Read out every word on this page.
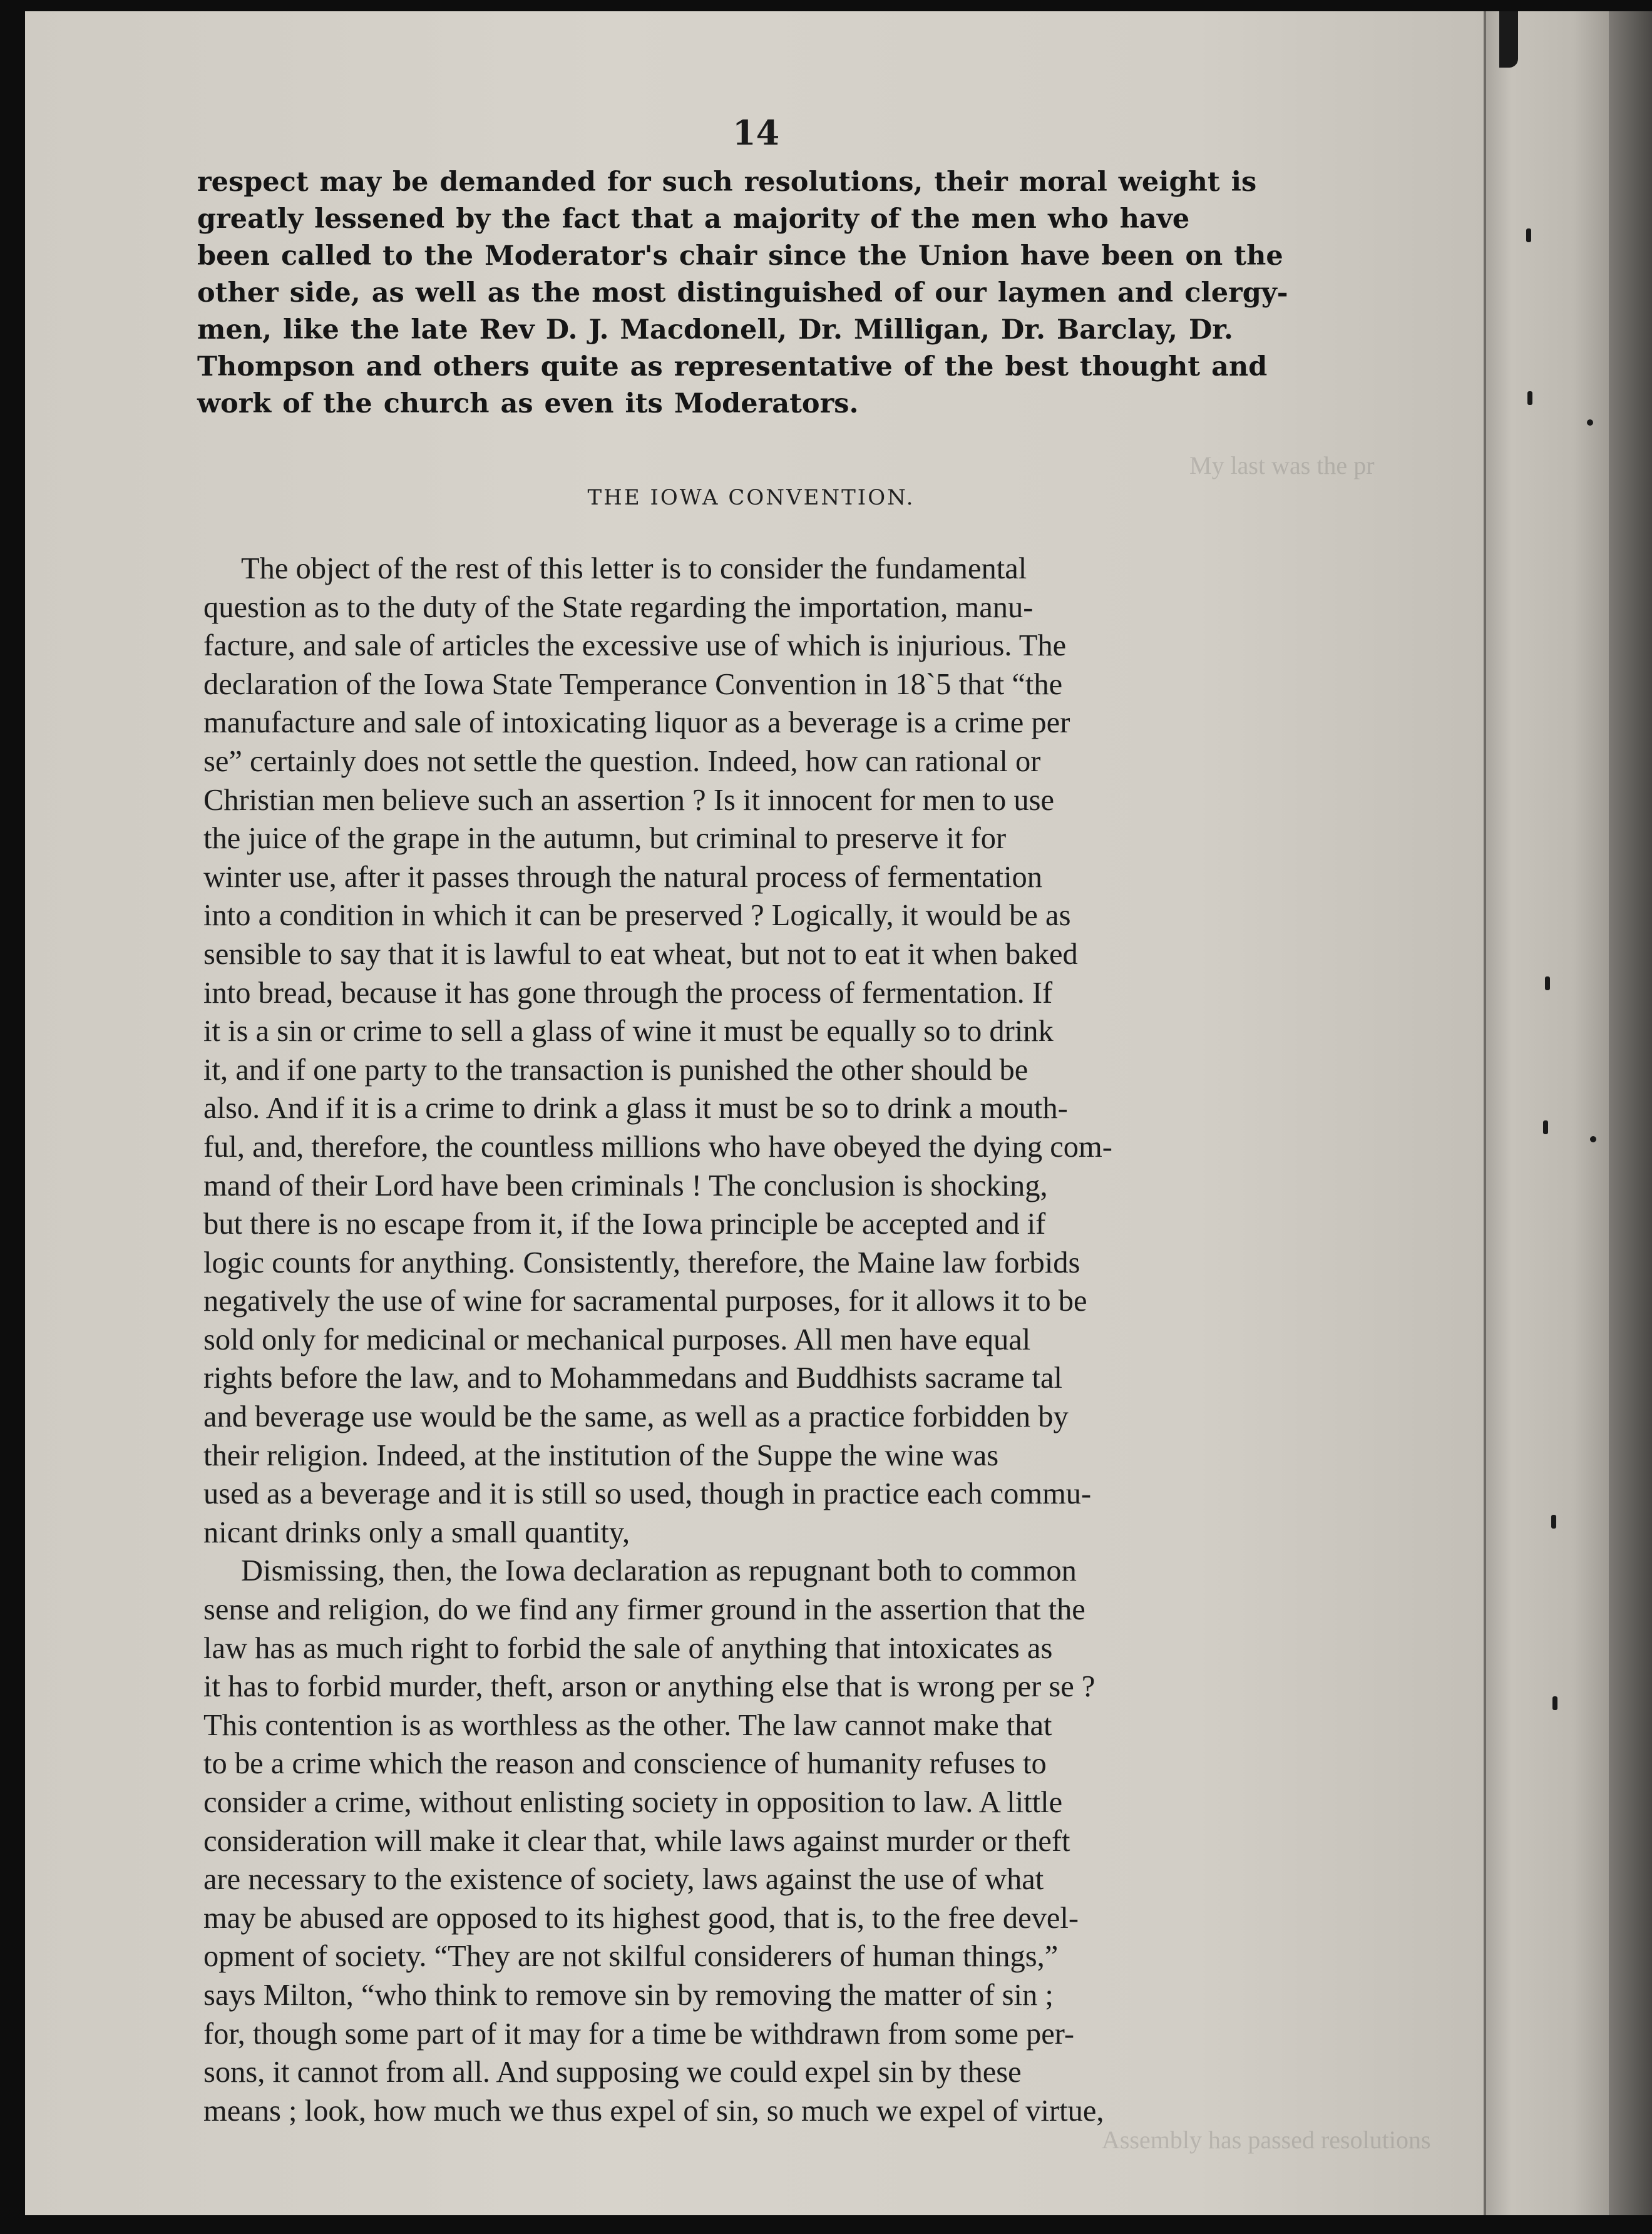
My last was the pr
Assembly has passed resolutions
14
respect may be demanded for such resolutions, their moral weight is
greatly lessened by the fact that a majority of the men who have
been called to the Moderator's chair since the Union have been on the
other side, as well as the most distinguished of our laymen and clergy-
men, like the late Rev D. J. Macdonell, Dr. Milligan, Dr. Barclay, Dr.
Thompson and others quite as representative of the best thought and
work of the church as even its Moderators.
THE IOWA CONVENTION.
The object of the rest of this letter is to consider the fundamental
question as to the duty of the State regarding the importation, manu-
facture, and sale of articles the excessive use of which is injurious. The
declaration of the Iowa State Temperance Convention in 18`5 that “the
manufacture and sale of intoxicating liquor as a beverage is a crime per
se” certainly does not settle the question. Indeed, how can rational or
Christian men believe such an assertion ? Is it innocent for men to use
the juice of the grape in the autumn, but criminal to preserve it for
winter use, after it passes through the natural process of fermentation
into a condition in which it can be preserved ? Logically, it would be as
sensible to say that it is lawful to eat wheat, but not to eat it when baked
into bread, because it has gone through the process of fermentation. If
it is a sin or crime to sell a glass of wine it must be equally so to drink
it, and if one party to the transaction is punished the other should be
also. And if it is a crime to drink a glass it must be so to drink a mouth-
ful, and, therefore, the countless millions who have obeyed the dying com-
mand of their Lord have been criminals ! The conclusion is shocking,
but there is no escape from it, if the Iowa principle be accepted and if
logic counts for anything. Consistently, therefore, the Maine law forbids
negatively the use of wine for sacramental purposes, for it allows it to be
sold only for medicinal or mechanical purposes. All men have equal
rights before the law, and to Mohammedans and Buddhists sacrame tal
and beverage use would be the same, as well as a practice forbidden by
their religion. Indeed, at the institution of the Suppe the wine was
used as a beverage and it is still so used, though in practice each commu-
nicant drinks only a small quantity,
Dismissing, then, the Iowa declaration as repugnant both to common
sense and religion, do we find any firmer ground in the assertion that the
law has as much right to forbid the sale of anything that intoxicates as
it has to forbid murder, theft, arson or anything else that is wrong per se ?
This contention is as worthless as the other. The law cannot make that
to be a crime which the reason and conscience of humanity refuses to
consider a crime, without enlisting society in opposition to law. A little
consideration will make it clear that, while laws against murder or theft
are necessary to the existence of society, laws against the use of what
may be abused are opposed to its highest good, that is, to the free devel-
opment of society. “They are not skilful considerers of human things,”
says Milton, “who think to remove sin by removing the matter of sin ;
for, though some part of it may for a time be withdrawn from some per-
sons, it cannot from all. And supposing we could expel sin by these
means ; look, how much we thus expel of sin, so much we expel of virtue,
